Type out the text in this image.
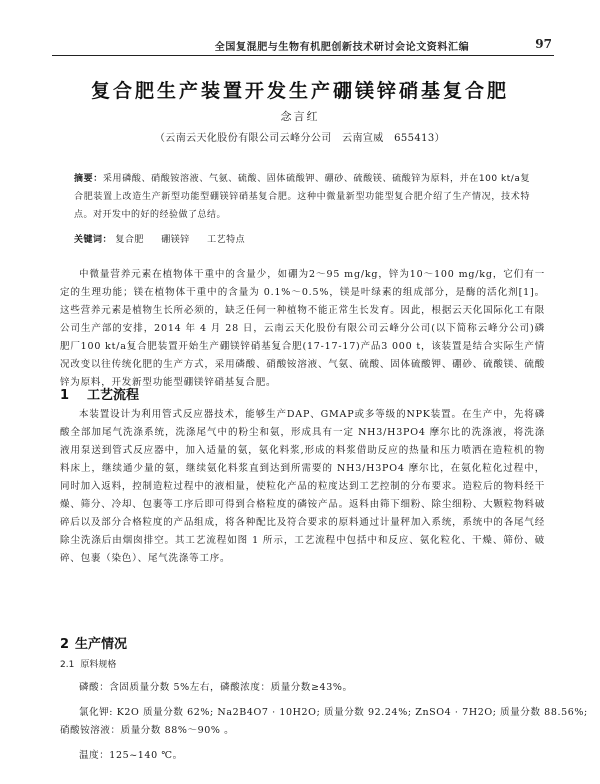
全国复混肥与生物有机肥创新技术研讨会论文资料汇编	97
复合肥生产装置开发生产硼镁锌硝基复合肥
念言红
（云南云天化股份有限公司云峰分公司　云南宣威　655413）
摘要：采用磷酸、硝酸铵溶液、气氨、硫酸、固体硫酸钾、硼砂、硫酸镁、硫酸锌为原料，并在100 kt/a复合肥装置上改造生产新型功能型硼镁锌硝基复合肥。这种中微量新型功能型复合肥介绍了生产情况，技术特点。对开发中的好的经验做了总结。
关键词： 复合肥 硼镁锌 工艺特点

中微量营养元素在植物体干重中的含量少，如硼为2～95 mg/kg，锌为10～100 mg/kg，它们有一定的生理功能；镁在植物体干重中的含量为 0.1%～0.5%，镁是叶绿素的组成部分，是酶的活化剂[1]。这些营养元素是植物生长所必须的，缺乏任何一种植物不能正常生长发育。因此，根据云天化国际化工有限公司生产部的安排，2014 年 4 月 28 日，云南云天化股份有限公司云峰分公司(以下简称云峰分公司)磷肥厂100 kt/a复合肥装置开始生产硼镁锌硝基复合肥(17-17-17)产品3 000 t，该装置是结合实际生产情况改变以往传统化肥的生产方式，采用磷酸、硝酸铵溶液、气氨、硫酸、固体硫酸钾、硼砂、硫酸镁、硫酸锌为原料，开发新型功能型硼镁锌硝基复合肥。

1 工艺流程

本装置设计为利用管式反应器技术，能够生产DAP、GMAP或多等级的NPK装置。在生产中，先将磷酸全部加尾气洗涤系统，洗涤尾气中的粉尘和氨，形成具有一定 NH3/H3PO4 摩尔比的洗涤液，将洗涤液用泵送到管式反应器中，加入适量的氨，氨化料浆,形成的料浆借助反应的热量和压力喷洒在造粒机的物料床上，继续通少量的氨，继续氨化料浆直到达到所需要的 NH3/H3PO4 摩尔比，在氨化粒化过程中，同时加入返料，控制造粒过程中的液相量，使粒化产品的粒度达到工艺控制的分布要求。造粒后的物料经干燥、筛分、冷却、包裹等工序后即可得到合格粒度的磷铵产品。返料由筛下细粉、除尘细粉、大颗粒物料破碎后以及部分合格粒度的产品组成，将各种配比及符合要求的原料通过计量秤加入系统，系统中的各尾气经除尘洗涤后由烟囱排空。其工艺流程如图 1 所示，工艺流程中包括中和反应、氨化粒化、干燥、筛份、破碎、包裹（染色）、尾气洗涤等工序。

2 生产情况
2.1 原料规格
磷酸：含固质量分数 5%左右，磷酸浓度：质量分数≥43%。
氯化钾: K2O 质量分数 62%; Na2B4O7 · 10H2O; 质量分数 92.24%; ZnSO4 · 7H2O; 质量分数 88.56%;
硝酸铵溶液：质量分数 88%～90% 。
温度：125~140 ℃。
